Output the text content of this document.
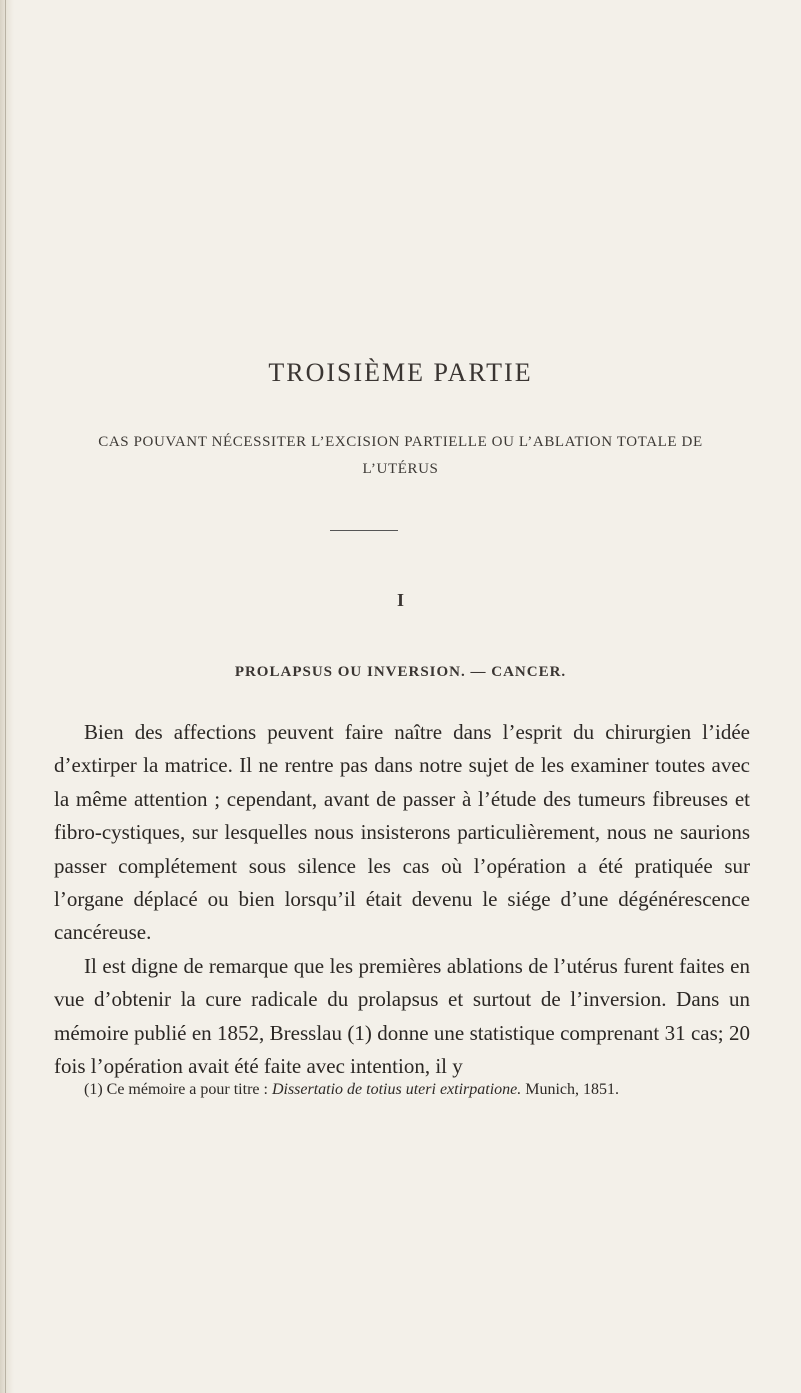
TROISIÈME PARTIE

CAS POUVANT NÉCESSITER L’EXCISION PARTIELLE OU L’ABLATION TOTALE DE L’UTÉRUS

I
PROLAPSUS OU INVERSION. — CANCER.

Bien des affections peuvent faire naître dans l’esprit du chirurgien l’idée d’extirper la matrice. Il ne rentre pas dans notre sujet de les examiner toutes avec la même attention ; cependant, avant de passer à l’étude des tumeurs fibreuses et fibro-cystiques, sur lesquelles nous insisterons particulièrement, nous ne saurions passer complétement sous silence les cas où l’opération a été pratiquée sur l’organe déplacé ou bien lorsqu’il était devenu le siége d’une dégénérescence cancéreuse.

Il est digne de remarque que les premières ablations de l’utérus furent faites en vue d’obtenir la cure radicale du prolapsus et surtout de l’inversion. Dans un mémoire publié en 1852, Bresslau (1) donne une statistique comprenant 31 cas; 20 fois l’opération avait été faite avec intention, il y

(1) Ce mémoire a pour titre : Dissertatio de totius uteri extirpatione. Munich, 1851.
